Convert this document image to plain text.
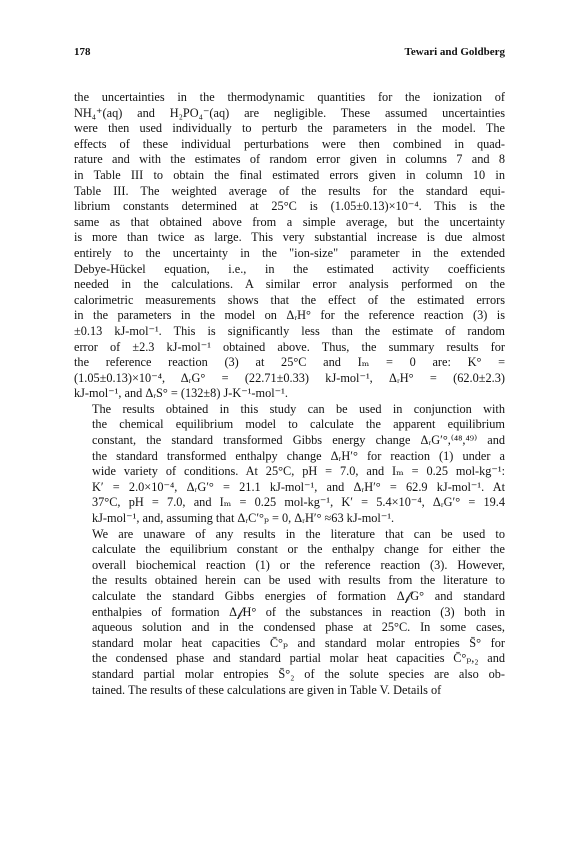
178	Tewari and Goldberg

the uncertainties in the thermodynamic quantities for the ionization of
NH₄⁺(aq) and H₂PO₄⁻(aq) are negligible. These assumed uncertainties
were then used individually to perturb the parameters in the model. The
effects of these individual perturbations were then combined in quad-
rature and with the estimates of random error given in columns 7 and 8
in Table III to obtain the final estimated errors given in column 10 in
Table III. The weighted average of the results for the standard equi-
librium constants determined at 25°C is (1.05±0.13)×10⁻⁴. This is the
same as that obtained above from a simple average, but the uncertainty
is more than twice as large. This very substantial increase is due almost
entirely to the uncertainty in the "ion-size" parameter in the extended
Debye-Hückel equation, i.e., in the estimated activity coefficients
needed in the calculations. A similar error analysis performed on the
calorimetric measurements shows that the effect of the estimated errors
in the parameters in the model on ΔᵣH° for the reference reaction (3) is
±0.13 kJ-mol⁻¹. This is significantly less than the estimate of random
error of ±2.3 kJ-mol⁻¹ obtained above. Thus, the summary results for
the reference reaction (3) at 25°C and Iₘ = 0 are: K° =
(1.05±0.13)×10⁻⁴, ΔᵣG° = (22.71±0.33) kJ-mol⁻¹, ΔᵣH° = (62.0±2.3)
kJ-mol⁻¹, and ΔᵣS° = (132±8) J-K⁻¹-mol⁻¹.

The results obtained in this study can be used in conjunction with
the chemical equilibrium model to calculate the apparent equilibrium
constant, the standard transformed Gibbs energy change ΔᵣG′°,⁽⁴⁸,⁴⁹⁾ and
the standard transformed enthalpy change ΔᵣH′° for reaction (1) under a
wide variety of conditions. At 25°C, pH = 7.0, and Iₘ = 0.25 mol-kg⁻¹:
K′ = 2.0×10⁻⁴, ΔᵣG′° = 21.1 kJ-mol⁻¹, and ΔᵣH′° = 62.9 kJ-mol⁻¹. At
37°C, pH = 7.0, and Iₘ = 0.25 mol-kg⁻¹, K′ = 5.4×10⁻⁴, ΔᵣG′° = 19.4
kJ-mol⁻¹, and, assuming that ΔᵣC′°ₚ = 0, ΔᵣH′° ≈63 kJ-mol⁻¹.

We are unaware of any results in the literature that can be used to
calculate the equilibrium constant or the enthalpy change for either the
overall biochemical reaction (1) or the reference reaction (3). However,
the results obtained herein can be used with results from the literature to
calculate the standard Gibbs energies of formation Δ𝒻G° and standard
enthalpies of formation Δ𝒻H° of the substances in reaction (3) both in
aqueous solution and in the condensed phase at 25°C. In some cases,
standard molar heat capacities C̄°ₚ and standard molar entropies S̄° for
the condensed phase and standard partial molar heat capacities C̄°ₚ,₂ and
standard partial molar entropies S̄°₂ of the solute species are also ob-
tained. The results of these calculations are given in Table V. Details of
